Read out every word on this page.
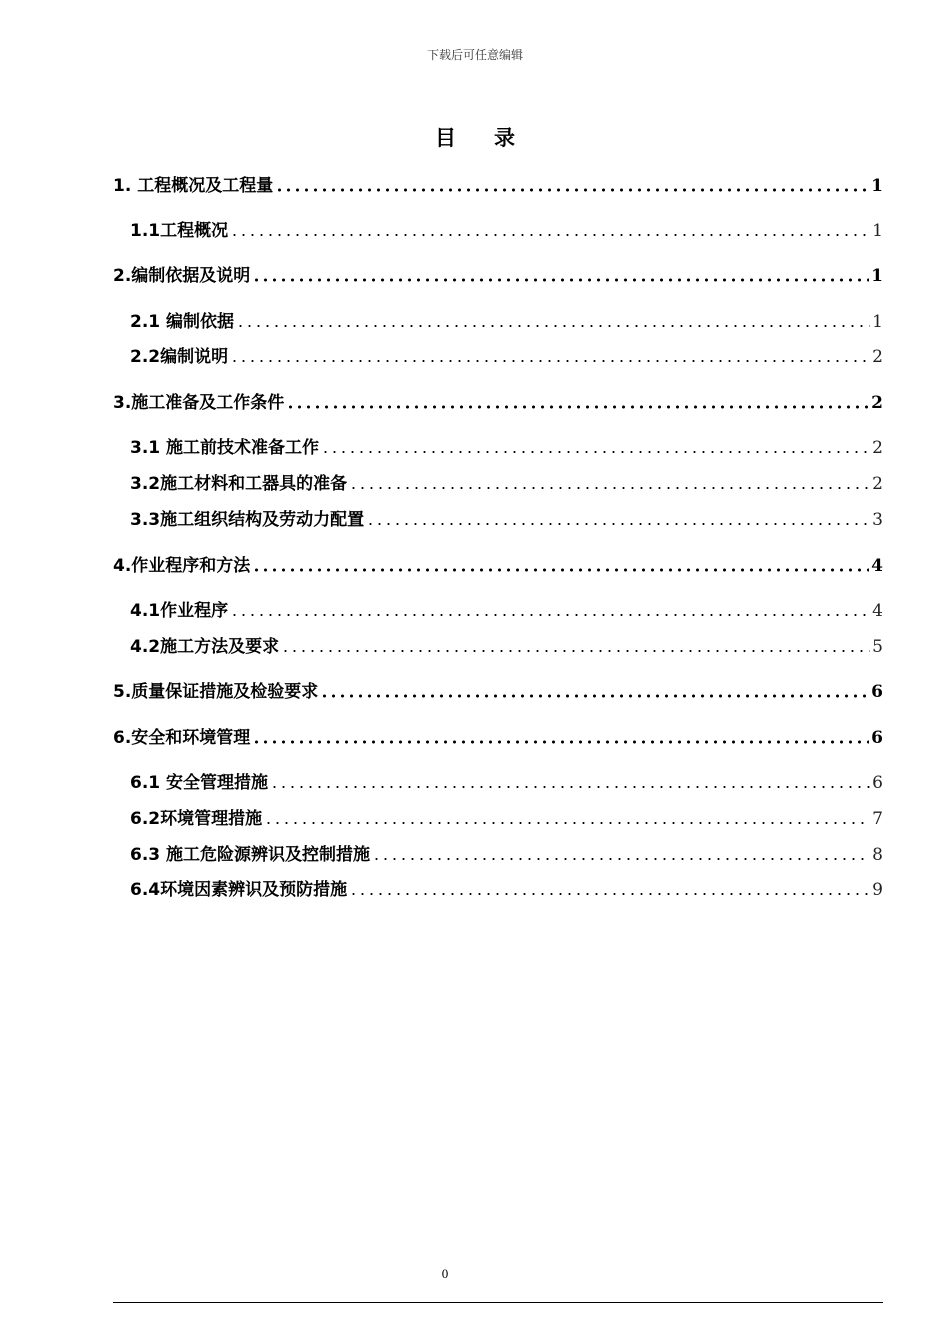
下载后可任意编辑
目录
1. 工程概况及工程量	1
1.1工程概况	1
2.编制依据及说明	1
2.1 编制依据	1
2.2编制说明	2
3.施工准备及工作条件	2
3.1 施工前技术准备工作	2
3.2施工材料和工器具的准备	2
3.3施工组织结构及劳动力配置	3
4.作业程序和方法	4
4.1作业程序	4
4.2施工方法及要求	5
5.质量保证措施及检验要求	6
6.安全和环境管理	6
6.1 安全管理措施	6
6.2环境管理措施	7
6.3 施工危险源辨识及控制措施	8
6.4环境因素辨识及预防措施	9
0
